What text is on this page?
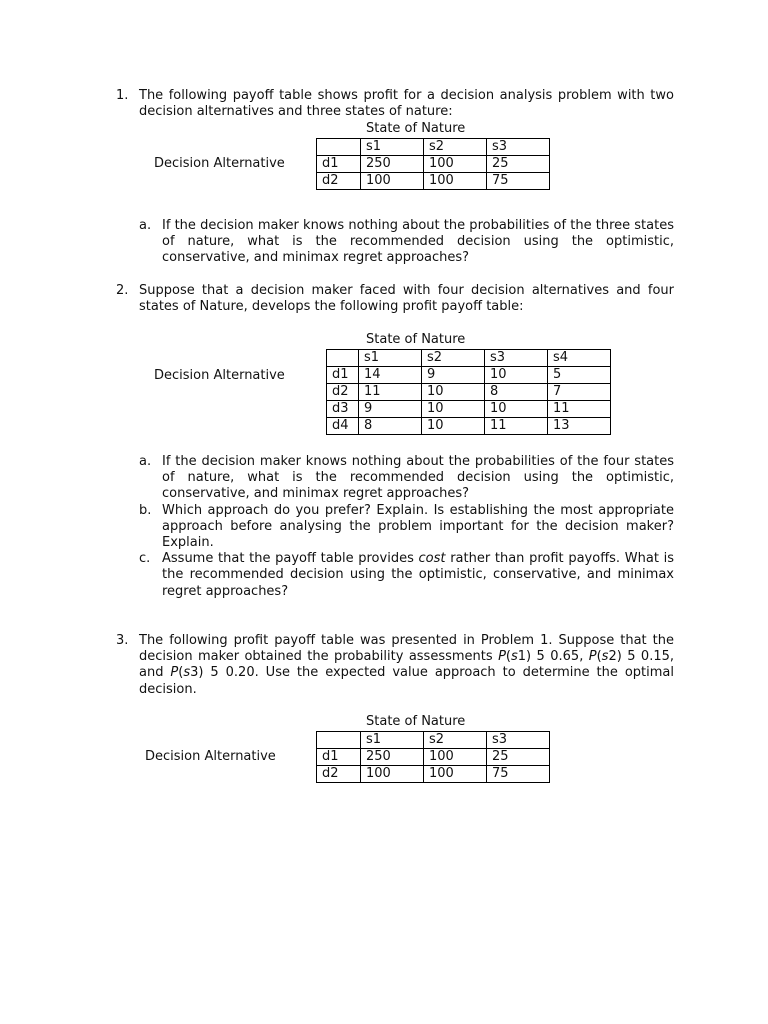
1. The following payoff table shows profit for a decision analysis problem with two decision alternatives and three states of nature:
State of Nature
Decision Alternative
	s1	s2	s3
d1	250	100	25
d2	100	100	75
a. If the decision maker knows nothing about the probabilities of the three states of nature, what is the recommended decision using the optimistic, conservative, and minimax regret approaches?
2. Suppose that a decision maker faced with four decision alternatives and four states of Nature, develops the following profit payoff table:
State of Nature
Decision Alternative
	s1	s2	s3	s4
d1	14	9	10	5
d2	11	10	8	7
d3	9	10	10	11
d4	8	10	11	13
a. If the decision maker knows nothing about the probabilities of the four states of nature, what is the recommended decision using the optimistic, conservative, and minimax regret approaches?
b. Which approach do you prefer? Explain. Is establishing the most appropriate approach before analysing the problem important for the decision maker? Explain.
c. Assume that the payoff table provides cost rather than profit payoffs. What is the recommended decision using the optimistic, conservative, and minimax regret approaches?
3. The following profit payoff table was presented in Problem 1. Suppose that the decision maker obtained the probability assessments P(s1) 5 0.65, P(s2) 5 0.15, and P(s3) 5 0.20. Use the expected value approach to determine the optimal decision.
State of Nature
Decision Alternative
	s1	s2	s3
d1	250	100	25
d2	100	100	75
